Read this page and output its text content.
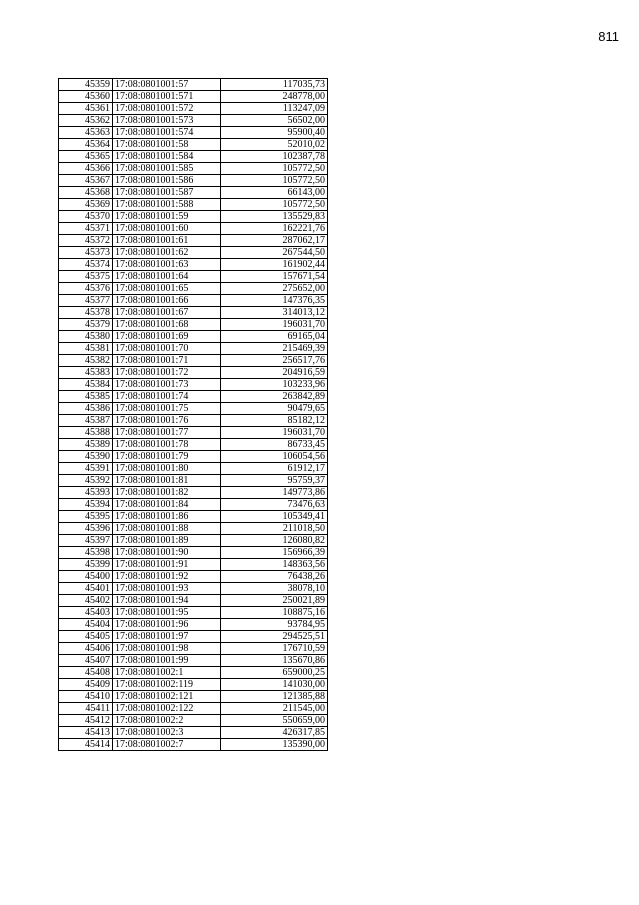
811
45359	17:08:0801001:57	117035,73
45360	17:08:0801001:571	248778,00
45361	17:08:0801001:572	113247,09
45362	17:08:0801001:573	56502,00
45363	17:08:0801001:574	95900,40
45364	17:08:0801001:58	52010,02
45365	17:08:0801001:584	102387,78
45366	17:08:0801001:585	105772,50
45367	17:08:0801001:586	105772,50
45368	17:08:0801001:587	66143,00
45369	17:08:0801001:588	105772,50
45370	17:08:0801001:59	135529,83
45371	17:08:0801001:60	162221,76
45372	17:08:0801001:61	287062,17
45373	17:08:0801001:62	267544,50
45374	17:08:0801001:63	161902,44
45375	17:08:0801001:64	157671,54
45376	17:08:0801001:65	275652,00
45377	17:08:0801001:66	147376,35
45378	17:08:0801001:67	314013,12
45379	17:08:0801001:68	196031,70
45380	17:08:0801001:69	69165,04
45381	17:08:0801001:70	215469,39
45382	17:08:0801001:71	256517,76
45383	17:08:0801001:72	204916,59
45384	17:08:0801001:73	103233,96
45385	17:08:0801001:74	263842,89
45386	17:08:0801001:75	90479,65
45387	17:08:0801001:76	85182,12
45388	17:08:0801001:77	196031,70
45389	17:08:0801001:78	86733,45
45390	17:08:0801001:79	106054,56
45391	17:08:0801001:80	61912,17
45392	17:08:0801001:81	95759,37
45393	17:08:0801001:82	149773,86
45394	17:08:0801001:84	73476,63
45395	17:08:0801001:86	105349,41
45396	17:08:0801001:88	211018,50
45397	17:08:0801001:89	126080,82
45398	17:08:0801001:90	156966,39
45399	17:08:0801001:91	148363,56
45400	17:08:0801001:92	76438,26
45401	17:08:0801001:93	38078,10
45402	17:08:0801001:94	250021,89
45403	17:08:0801001:95	108875,16
45404	17:08:0801001:96	93784,95
45405	17:08:0801001:97	294525,51
45406	17:08:0801001:98	176710,59
45407	17:08:0801001:99	135670,86
45408	17:08:0801002:1	659000,25
45409	17:08:0801002:119	141030,00
45410	17:08:0801002:121	121385,88
45411	17:08:0801002:122	211545,00
45412	17:08:0801002:2	550659,00
45413	17:08:0801002:3	426317,85
45414	17:08:0801002:7	135390,00
